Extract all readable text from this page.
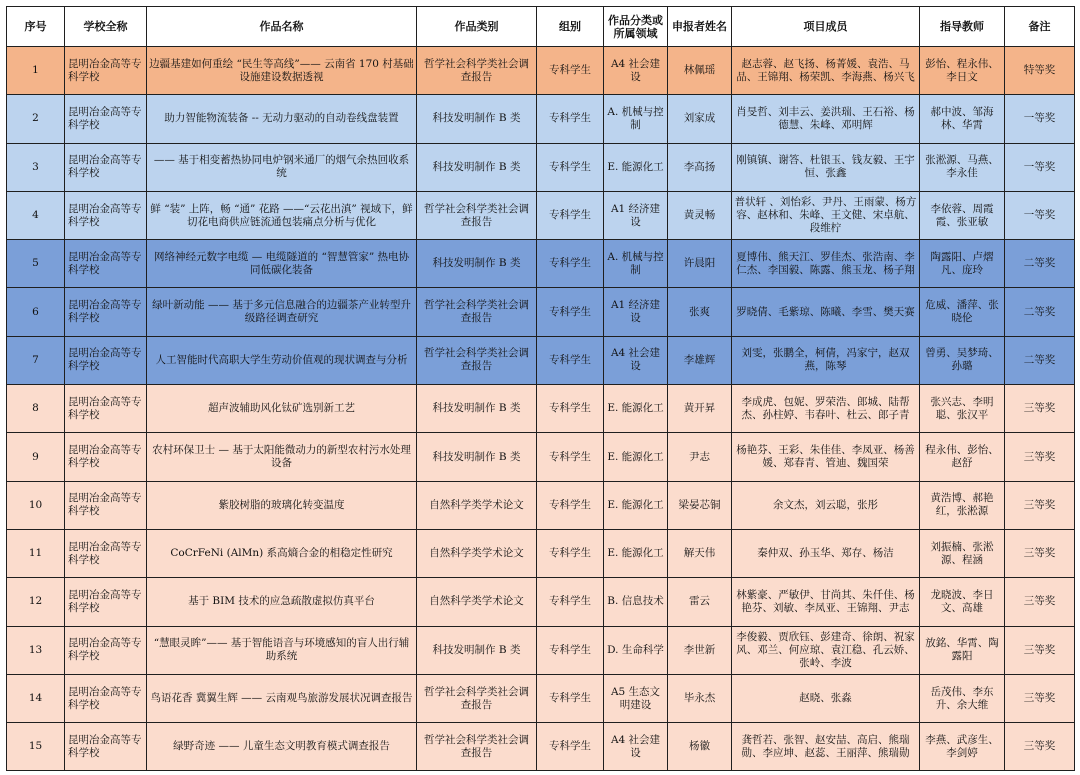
序号	学校全称	作品名称	作品类别	组别	作品分类或所属领域	申报者姓名	项目成员	指导教师	备注
1	昆明冶金高等专科学校	边疆基建如何重绘 “民生等高线”—— 云南省 170 村基础设施建设数据透视	哲学社会科学类社会调查报告	专科学生	A4 社会建设	林佩瑶	赵志蓉、赵飞扬、杨菁媛、袁浩、马品、王锦翔、杨荣凯、李海燕、杨兴飞	彭怡、程永伟、李日文	特等奖
2	昆明冶金高等专科学校	助力智能物流装备 -- 无动力驱动的自动卷线盘装置	科技发明制作 B 类	专科学生	A. 机械与控制	刘家成	肖旻哲、刘丰云、姜洪瑞、王石裕、杨德慧、朱峰、邓明辉	郝中波、邹海林、华霄	一等奖
3	昆明冶金高等专科学校	—— 基于相变蓄热协同电炉钢米通厂的烟气余热回收系统	科技发明制作 B 类	专科学生	E. 能源化工	李高扬	刚镇镇、谢答、杜银玉、钱友毅、王宇恒、张鑫	张淞源、马燕、李永佳	一等奖
4	昆明冶金高等专科学校	鲜 “装” 上阵，畅 “通” 花路 ——“云花出滇” 视域下，鲜切花电商供应链流通包装痛点分析与优化	哲学社会科学类社会调查报告	专科学生	A1 经济建设	黄灵畅	普状轩 、刘怡彩、尹丹、王雨蒙、杨方容、赵林和、朱峰、王文健、宋卓航、段维柠	李依蓉、周霞霞、张亚敏	一等奖
5	昆明冶金高等专科学校	网络神经元数字电缆 — 电缆隧道的 “智慧管家” 热电协同低碳化装备	科技发明制作 B 类	专科学生	A. 机械与控制	许晨阳	夏博伟、熊天江、罗佳杰、张浩南、李仁杰、李国毅、陈露、熊玉龙、杨子翔	陶露阳、卢熠凡、庞玲	二等奖
6	昆明冶金高等专科学校	绿叶新动能 —— 基于多元信息融合的边疆茶产业转型升级路径调查研究	哲学社会科学类社会调查报告	专科学生	A1 经济建设	张爽	罗晓倩、毛紫琼、陈曦、李雪、樊天赛	危威、潘萍、张晓伦	二等奖
7	昆明冶金高等专科学校	人工智能时代高职大学生劳动价值观的现状调查与分析	哲学社会科学类社会调查报告	专科学生	A4 社会建设	李雄辉	刘雯，张鹏全，柯倩，冯家宁，赵双燕，陈琴	曾勇、吴梦琦、孙璐	二等奖
8	昆明冶金高等专科学校	超声波辅助风化钛矿选别新工艺	科技发明制作 B 类	专科学生	E. 能源化工	黄开昇	李成虎、包妮、罗荣浩、郎城、陆帮杰、孙柱婷、韦春叶、杜云、郎子青	张兴志、李明聪、张汉平	三等奖
9	昆明冶金高等专科学校	农村环保卫士 — 基于太阳能微动力的新型农村污水处理设备	科技发明制作 B 类	专科学生	E. 能源化工	尹志	杨艳芬、王彩、朱佳佳、李凤亚、杨善媛、郑春青、管迪、魏国荣	程永伟、彭怡、赵舒	三等奖
10	昆明冶金高等专科学校	紫胶树脂的玻璃化转变温度	自然科学类学术论文	专科学生	E. 能源化工	梁晏芯铜	余文杰，刘云聪，张彤	黄浩博、郝艳红，张淞源	三等奖
11	昆明冶金高等专科学校	CoCrFeNi (AlMn) 系高熵合金的相稳定性研究	自然科学类学术论文	专科学生	E. 能源化工	解天伟	秦仲双、孙玉华、郑存、杨洁	刘振楠、张淞源、程涵	三等奖
12	昆明冶金高等专科学校	基于 BIM 技术的应急疏散虚拟仿真平台	自然科学类学术论文	专科学生	B. 信息技术	雷云	林紫豪、严敏伊、甘尚其、朱仟佳、杨艳芬、刘敏、李凤亚、王锦翔、尹志	龙晓波、李日文、高雄	三等奖
13	昆明冶金高等专科学校	“慧眼灵眸”—— 基于智能语音与环境感知的盲人出行辅助系统	科技发明制作 B 类	专科学生	D. 生命科学	李世新	李俊毅、贾欣钰、彭建奇、徐朗、祝家风、邓兰、何应琼、袁江稳、孔云娇、张岭、李波	放銘、华霄、陶露阳	三等奖
14	昆明冶金高等专科学校	鸟语花香 冀翼生辉 —— 云南观鸟旅游发展状况调查报告	哲学社会科学类社会调查报告	专科学生	A5 生态文明建设	毕永杰	赵晓、张淼	岳茂伟、李东升、余大维	三等奖
15	昆明冶金高等专科学校	绿野奇迹 —— 儿童生态文明教育模式调查报告	哲学社会科学类社会调查报告	专科学生	A4 社会建设	杨徽	龚哲若、张智、赵安喆、高启、熊瑞勋、李应坤、赵蕊、王丽萍、熊瑞勋	李燕、武彦生、李剑婷	三等奖
